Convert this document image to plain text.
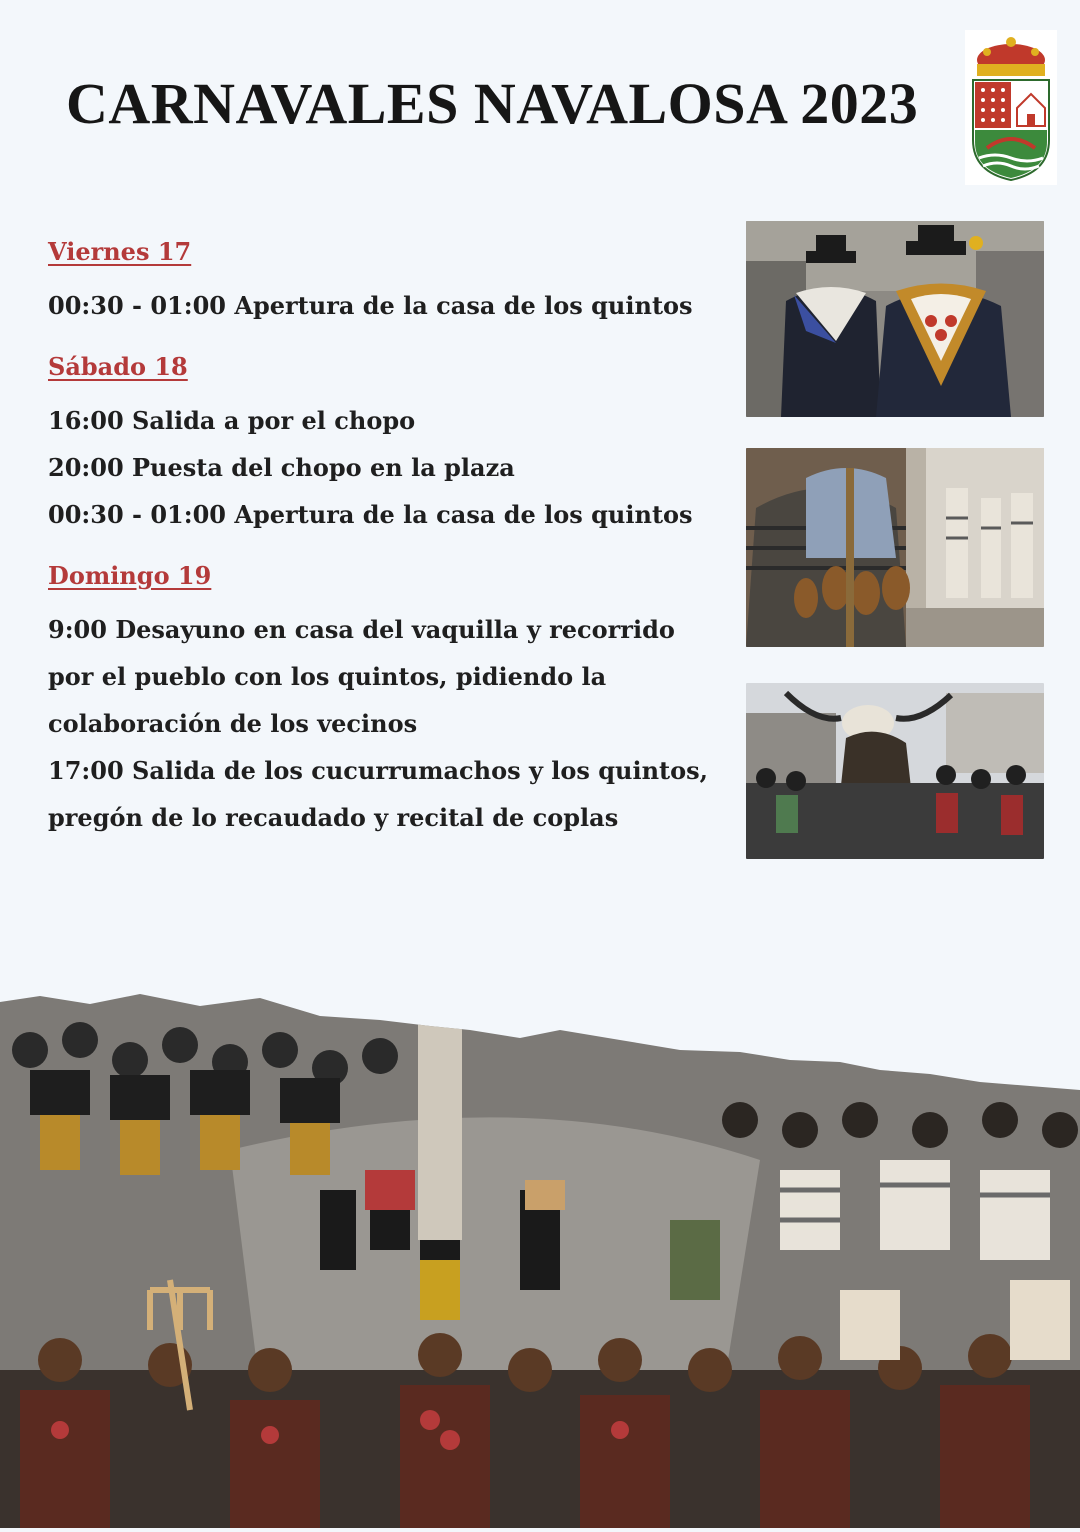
CARNAVALES NAVALOSA 2023

Viernes 17

00:30 - 01:00 Apertura de la casa de los quintos

Sábado 18

16:00 Salida a por el chopo

20:00 Puesta del chopo en la plaza

00:30 - 01:00 Apertura de la casa de los quintos

Domingo 19

9:00 Desayuno en casa del vaquilla y recorrido

por el pueblo con los quintos, pidiendo la

colaboración de los vecinos

17:00 Salida de los cucurrumachos y los quintos,

pregón de lo recaudado y recital de coplas
